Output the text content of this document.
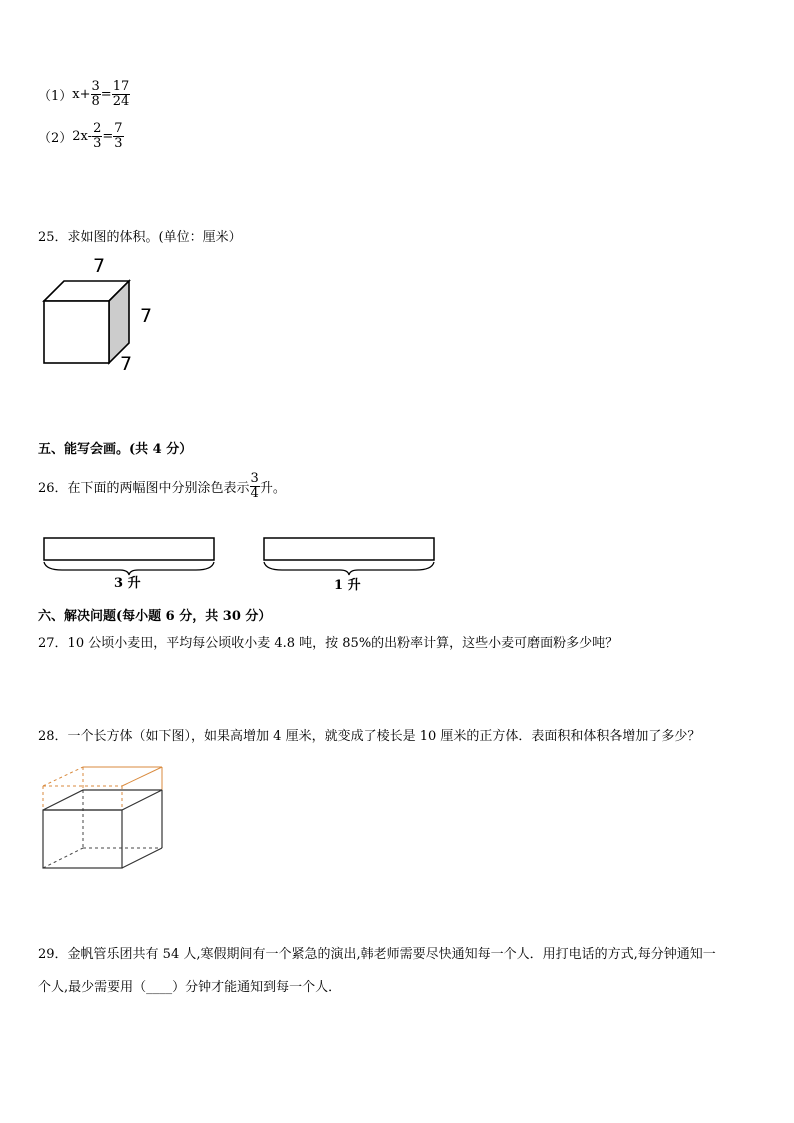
（1） $x+ \frac{3}{8} = \frac{17}{24}$
（2） $2x- \frac{2}{3} = \frac{7}{3}$
25．求如图的体积。(单位：厘米）
7
7
7
五、能写会画。(共 4 分）
26．在下面的两幅图中分别涂色表示 $\frac{3}{4}$ 升。
3 升	1 升
六、解决问题(每小题 6 分，共 30 分）
27．10 公顷小麦田，平均每公顷收小麦 4.8 吨，按 85%的出粉率计算，这些小麦可磨面粉多少吨？
28．一个长方体（如下图），如果高增加 4 厘米，就变成了棱长是 10 厘米的正方体．表面积和体积各增加了多少？
29．金帆管乐团共有 54 人,寒假期间有一个紧急的演出,韩老师需要尽快通知每一个人．用打电话的方式,每分钟通知一
个人,最少需要用（____）分钟才能通知到每一个人．
